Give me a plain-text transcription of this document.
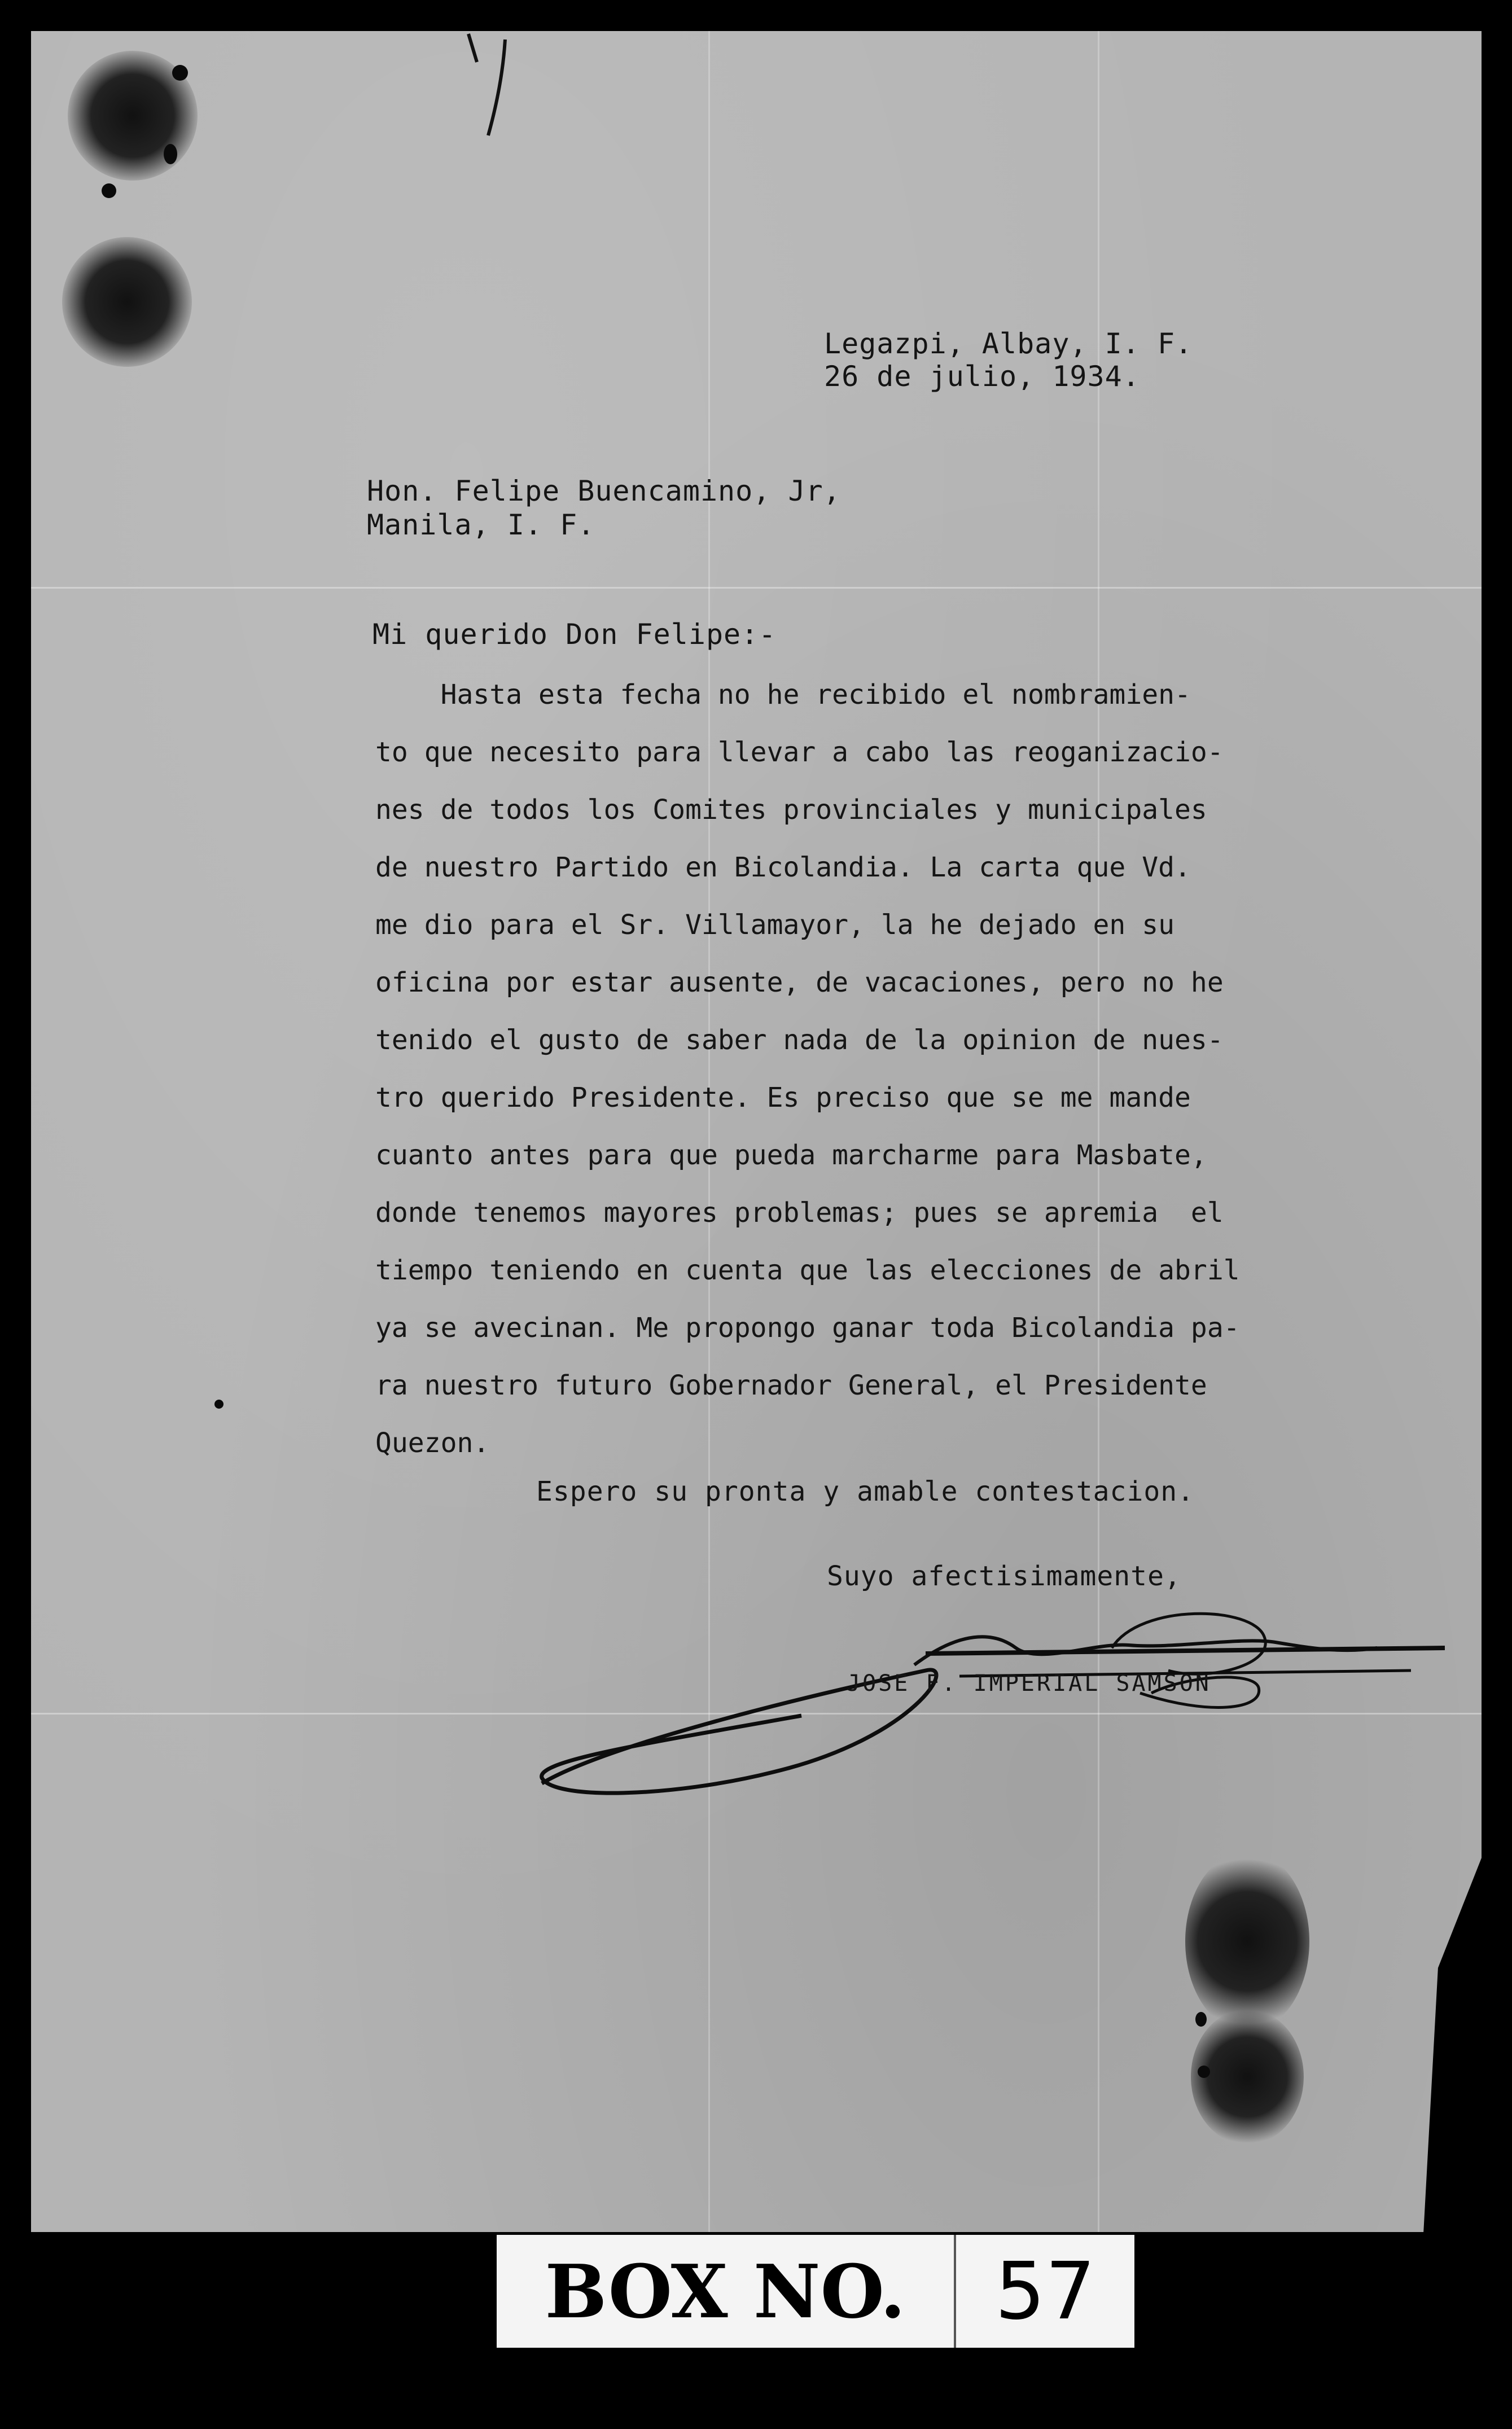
Legazpi, Albay, I. F.
26 de julio, 1934.
Hon. Felipe Buencamino, Jr,
Manila, I. F.
Mi querido Don Felipe:-
Hasta esta fecha no he recibido el nombramien-
to que necesito para llevar a cabo las reoganizacio-
nes de todos los Comites provinciales y municipales
de nuestro Partido en Bicolandia. La carta que Vd.
me dio para el Sr. Villamayor, la he dejado en su
oficina por estar ausente, de vacaciones, pero no he
tenido el gusto de saber nada de la opinion de nues-
tro querido Presidente. Es preciso que se me mande
cuanto antes para que pueda marcharme para Masbate,
donde tenemos mayores problemas; pues se apremia  el
tiempo teniendo en cuenta que las elecciones de abril
ya se avecinan. Me propongo ganar toda Bicolandia pa-
ra nuestro futuro Gobernador General, el Presidente
Quezon.
Espero su pronta y amable contestacion.
Suyo afectisimamente,
JOSE F. IMPERIAL SAMSON
BOX NO.	57
